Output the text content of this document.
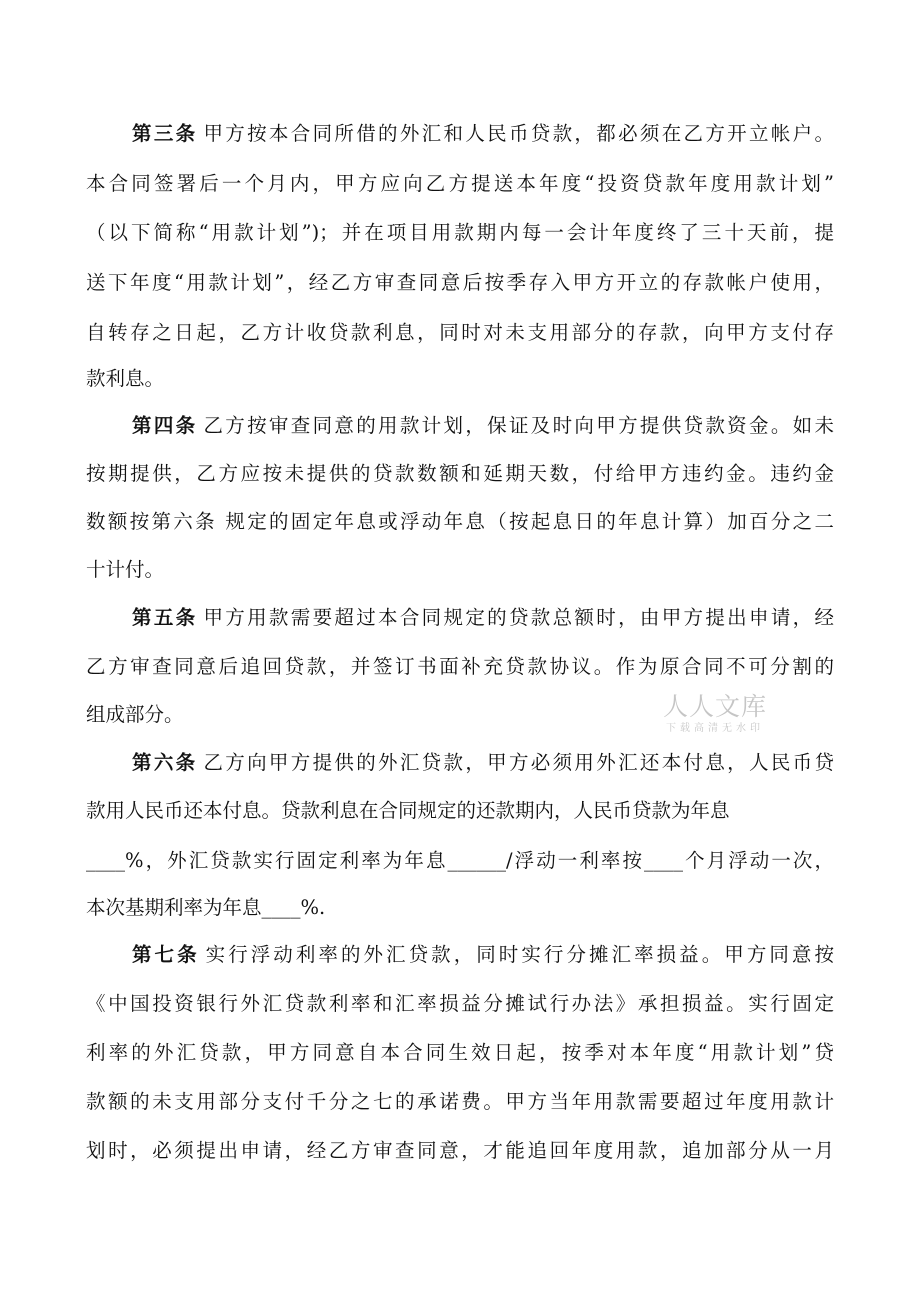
第三条 甲方按本合同所借的外汇和人民币贷款，都必须在乙方开立帐户。
本合同签署后一个月内，甲方应向乙方提送本年度“投资贷款年度用款计划”
（以下简称“用款计划”)；并在项目用款期内每一会计年度终了三十天前，提
送下年度“用款计划”，经乙方审查同意后按季存入甲方开立的存款帐户使用，
自转存之日起，乙方计收贷款利息，同时对未支用部分的存款，向甲方支付存
款利息。
第四条 乙方按审查同意的用款计划，保证及时向甲方提供贷款资金。如未
按期提供，乙方应按未提供的贷款数额和延期天数，付给甲方违约金。违约金
数额按第六条 规定的固定年息或浮动年息（按起息日的年息计算）加百分之二
十计付。
第五条 甲方用款需要超过本合同规定的贷款总额时，由甲方提出申请，经
乙方审查同意后追回贷款，并签订书面补充贷款协议。作为原合同不可分割的
组成部分。
第六条 乙方向甲方提供的外汇贷款，甲方必须用外汇还本付息，人民币贷
款用人民币还本付息。贷款利息在合同规定的还款期内，人民币贷款为年息
____%，外汇贷款实行固定利率为年息______/浮动一利率按____个月浮动一次，
本次基期利率为年息____%.
第七条 实行浮动利率的外汇贷款，同时实行分摊汇率损益。甲方同意按
《中国投资银行外汇贷款利率和汇率损益分摊试行办法》承担损益。实行固定
利率的外汇贷款，甲方同意自本合同生效日起，按季对本年度“用款计划”贷
款额的未支用部分支付千分之七的承诺费。甲方当年用款需要超过年度用款计
划时，必须提出申请，经乙方审查同意，才能追回年度用款，追加部分从一月
人人文库
下载高清无水印
